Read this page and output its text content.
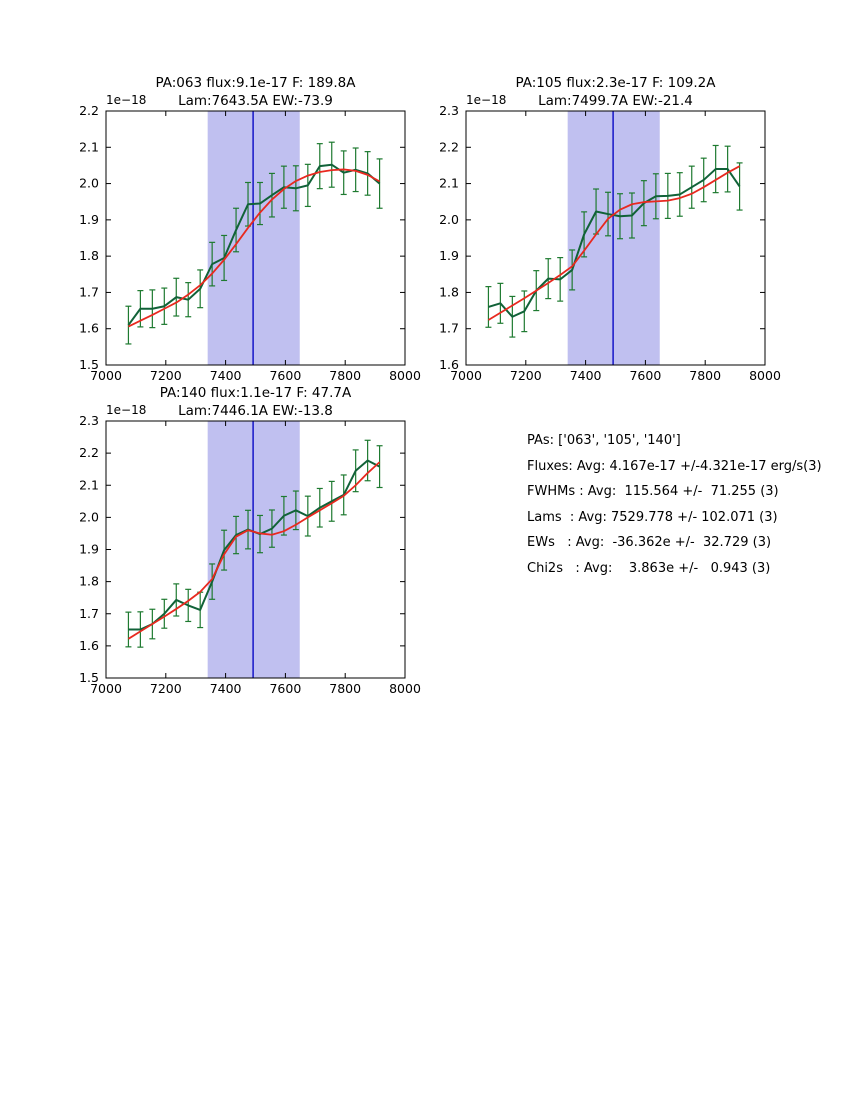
7000 7200 7400 7600 7800 8000
1.5
1.6
1.7
1.8
1.9
2.0
2.1
2.2
1e−18
PA:063 flux:9.1e-17 F: 189.8A
Lam:7643.5A EW:-73.9
7000 7200 7400 7600 7800 8000
1.6
1.7
1.8
1.9
2.0
2.1
2.2
2.3
1e−18
PA:105 flux:2.3e-17 F: 109.2A
Lam:7499.7A EW:-21.4
7000 7200 7400 7600 7800 8000
1.5
1.6
1.7
1.8
1.9
2.0
2.1
2.2
2.3
1e−18
PA:140 flux:1.1e-17 F: 47.7A
Lam:7446.1A EW:-13.8
PAs: ['063', '105', '140']
Fluxes: Avg: 4.167e-17 +/-4.321e-17 erg/s(3)
FWHMs : Avg:  115.564 +/-  71.255 (3)
Lams  : Avg: 7529.778 +/- 102.071 (3)
EWs   : Avg:  -36.362e +/-  32.729 (3)
Chi2s   : Avg:    3.863e +/-   0.943 (3)
